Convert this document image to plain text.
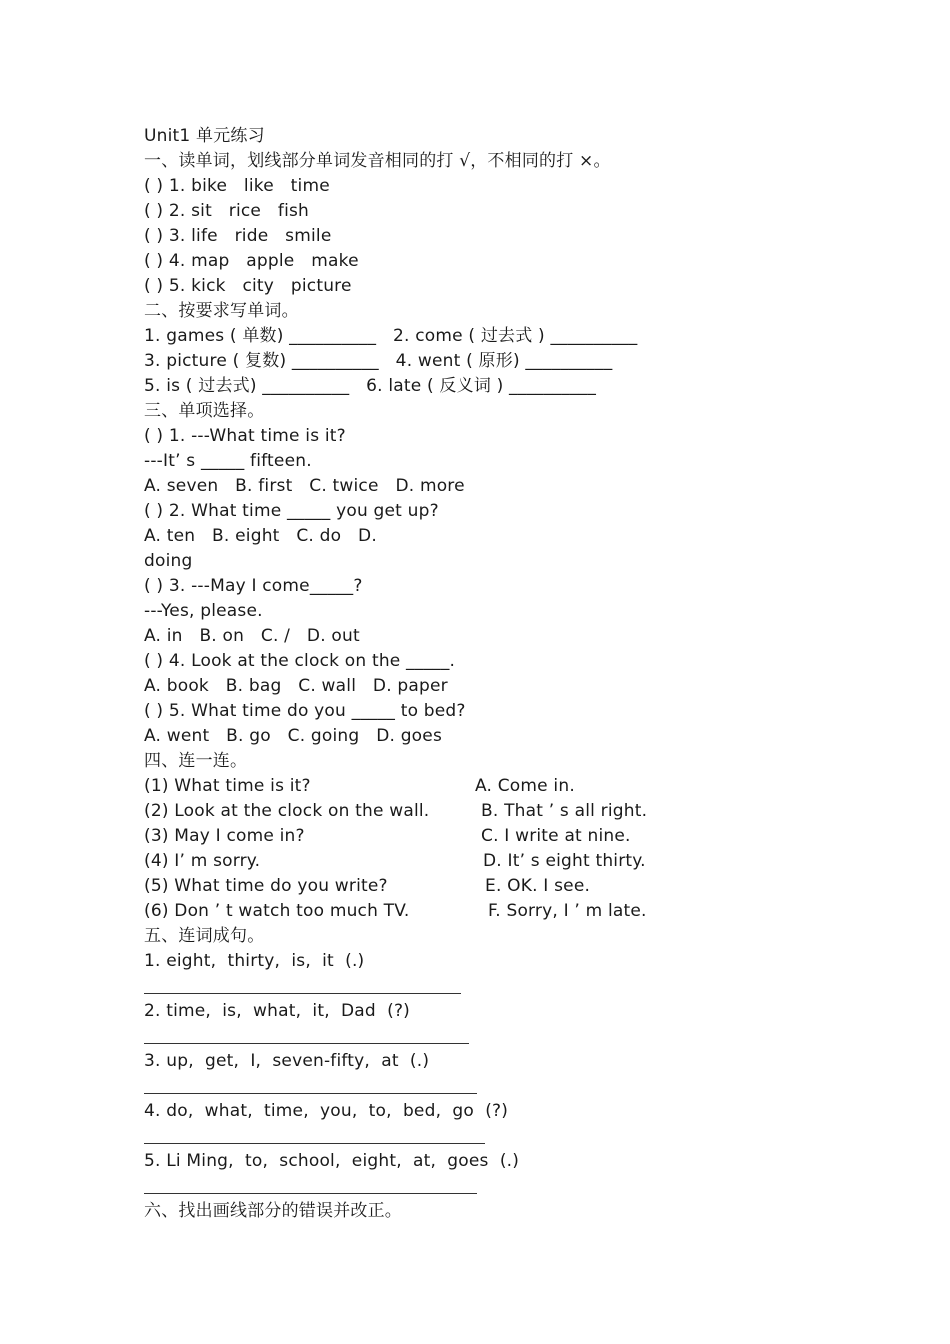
Unit1 单元练习
一、读单词，划线部分单词发音相同的打 √，不相同的打 ×。
( ) 1. bike   like   time
( ) 2. sit   rice   fish
( ) 3. life   ride   smile
( ) 4. map   apple   make
( ) 5. kick   city   picture
二、按要求写单词。
1. games ( 单数) __________   2. come ( 过去式 ) __________
3. picture ( 复数) __________   4. went ( 原形) __________
5. is ( 过去式) __________   6. late ( 反义词 ) __________
三、单项选择。
( ) 1. ---What time is it?
---It’ s _____ fifteen.
A. seven   B. first   C. twice   D. more
( ) 2. What time _____ you get up?
A. ten   B. eight   C. do   D.
doing
( ) 3. ---May I come_____?
---Yes, please.
A. in   B. on   C. /   D. out
( ) 4. Look at the clock on the _____.
A. book   B. bag   C. wall   D. paper
( ) 5. What time do you _____ to bed?
A. went   B. go   C. going   D. goes
四、连一连。
(1) What time is it?	A. Come in.
(2) Look at the clock on the wall.	B. That ’ s all right.
(3) May I come in?	C. I write at nine.
(4) I’ m sorry.	D. It’ s eight thirty.
(5) What time do you write?	E. OK. I see.
(6) Don ’ t watch too much TV.	F. Sorry, I ’ m late.
五、连词成句。
1. eight,  thirty,  is,  it  (.)
2. time,  is,  what,  it,  Dad  (?)
3. up,  get,  I,  seven-fifty,  at  (.)
4. do,  what,  time,  you,  to,  bed,  go  (?)
5. Li Ming,  to,  school,  eight,  at,  goes  (.)
六、找出画线部分的错误并改正。
